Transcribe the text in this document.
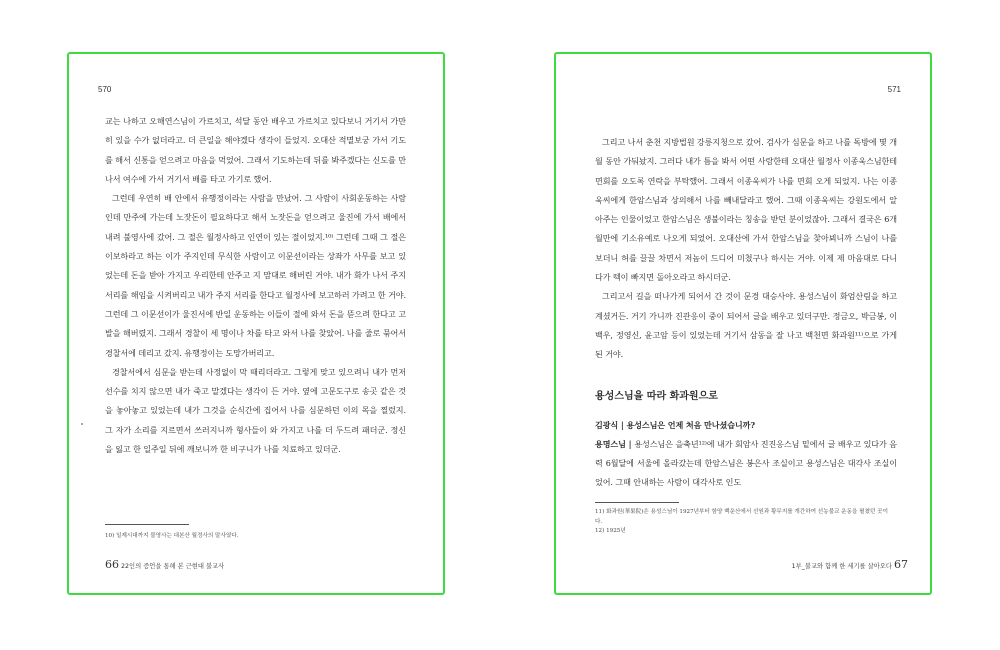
570

교는 나하고 오해연스님이 가르치고, 석달 동안 배우고 가르치고 있다보니 거기서 가만히 있을 수가 없더라고. 더 큰일을 해야겠다 생각이 들었지. 오대산 적멸보궁 가서 기도를 해서 신통을 얻으려고 마음을 먹었어. 그래서 기도하는데 뒤를 봐주겠다는 신도를 만나서 여수에 가서 거기서 배를 타고 가기로 했어.

그런데 우연히 배 안에서 유행정이라는 사람을 만났어. 그 사람이 사회운동하는 사람인데 만주에 가는데 노잣돈이 필요하다고 해서 노잣돈을 얻으려고 울진에 가서 배에서 내려 불영사에 갔어. 그 절은 월정사하고 인연이 있는 절이었지.¹⁰⁾ 그런데 그때 그 절은 이보하라고 하는 이가 주지인데 무식한 사람이고 이문선이라는 상좌가 사무를 보고 있었는데 돈을 받아 가지고 우리한테 안주고 지 맘대로 해버린 거야. 내가 화가 나서 주지 서리를 해임을 시켜버리고 내가 주지 서리를 한다고 월정사에 보고하러 가려고 한 거야. 그런데 그 이문선이가 울진서에 반일 운동하는 이들이 절에 와서 돈을 뜯으려 한다고 고발을 해버렸지. 그래서 경찰이 세 명이나 차를 타고 와서 나를 찾았어. 나를 줄로 묶어서 경찰서에 데리고 갔지. 유행정이는 도망가버리고.

경찰서에서 심문을 받는데 사정없이 막 때리더라고. 그렇게 맞고 있으려니 내가 먼저 선수를 치지 않으면 내가 죽고 말겠다는 생각이 든 거야. 옆에 고문도구로 송곳 같은 것을 놓아놓고 있었는데 내가 그것을 순식간에 집어서 나를 심문하던 이의 목을 찔렀지. 그 자가 소리를 지르면서 쓰러지니까 형사들이 와 가지고 나를 더 두드려 패더군. 정신을 잃고 한 일주일 뒤에 깨보니까 한 비구니가 나를 치료하고 있더군.

10) 일제시대까지 불영사는 대본산 월정사의 말사였다.
66 22인의 증언을 통해 본 근현대 불교사
571

그리고 나서 춘천 지방법원 강릉지청으로 갔어. 검사가 심문을 하고 나를 독방에 몇 개월 동안 가둬놨지. 그러다 내가 틈을 봐서 어떤 사람한테 오대산 월정사 이종욱스님한테 면회를 오도록 연락을 부탁했어. 그래서 이종욱씨가 나를 면회 오게 되었지. 나는 이종욱씨에게 한암스님과 상의해서 나를 빼내달라고 했어. 그때 이종욱씨는 강원도에서 알아주는 인물이었고 한암스님은 생불이라는 칭송을 받던 분이었잖아. 그래서 결국은 6개월만에 기소유예로 나오게 되었어. 오대산에 가서 한암스님을 찾아뵈니까 스님이 나를 보더니 허를 끌끌 차면서 저놈이 드디어 미쳤구나 하시는 거야. 이제 제 마음대로 다니다가 떽이 빠지면 돌아오라고 하시더군.

그리고서 길을 떠나가게 되어서 간 것이 문경 대승사야. 용성스님이 화엄산림을 하고 계셨거든. 거기 가니까 진관응이 중이 되어서 글을 배우고 있더구만. 정금오, 박금봉, 이백우, 정영신, 윤고암 등이 있었는데 거기서 삼동을 잘 나고 백천면 화과원¹¹⁾으로 가게 된 거야.

용성스님을 따라 화과원으로

김광식 | 용성스님은 언제 처음 만나셨습니까?

용명스님 | 용성스님은 을축년¹²⁾에 내가 회암사 진진응스님 밑에서 글 배우고 있다가 음력 6월달에 서울에 올라갔는데 한암스님은 봉은사 조실이고 용성스님은 대각사 조실이었어. 그때 안내하는 사람이 대각사로 인도

11) 화과원(華果院)은 용성스님이 1927년부터 함양 백운산에서 선원과 황무지를 개간하여 선농불교 운동을 펼쳤던 곳이다.
12) 1925년
1부_불교와 함께 한 세기를 살아오다 67
